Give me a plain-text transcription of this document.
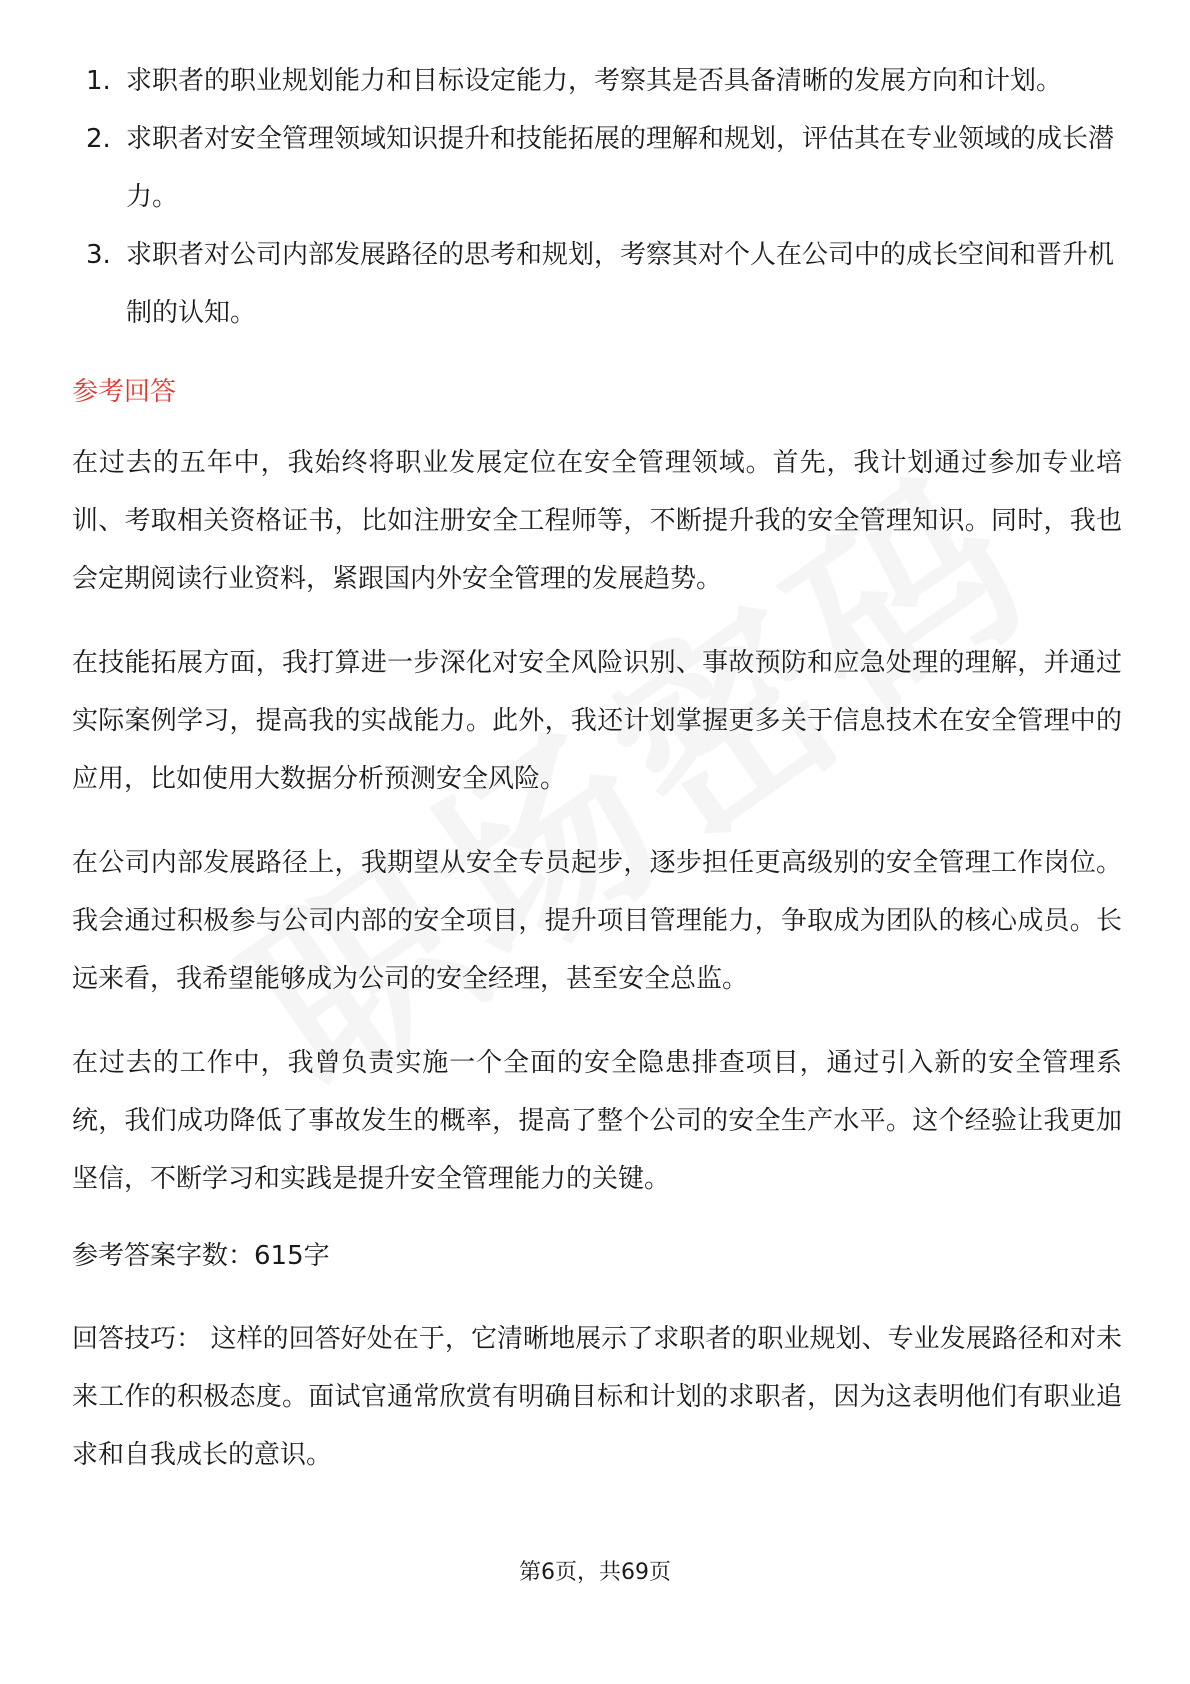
1. 求职者的职业规划能力和目标设定能力，考察其是否具备清晰的发展方向和计划。
2. 求职者对安全管理领域知识提升和技能拓展的理解和规划，评估其在专业领域的成长潜力。
3. 求职者对公司内部发展路径的思考和规划，考察其对个人在公司中的成长空间和晋升机制的认知。
参考回答

在过去的五年中，我始终将职业发展定位在安全管理领域。首先，我计划通过参加专业培训、考取相关资格证书，比如注册安全工程师等，不断提升我的安全管理知识。同时，我也会定期阅读行业资料，紧跟国内外安全管理的发展趋势。

在技能拓展方面，我打算进一步深化对安全风险识别、事故预防和应急处理的理解，并通过实际案例学习，提高我的实战能力。此外，我还计划掌握更多关于信息技术在安全管理中的应用，比如使用大数据分析预测安全风险。

在公司内部发展路径上，我期望从安全专员起步，逐步担任更高级别的安全管理工作岗位。我会通过积极参与公司内部的安全项目，提升项目管理能力，争取成为团队的核心成员。长远来看，我希望能够成为公司的安全经理，甚至安全总监。

在过去的工作中，我曾负责实施一个全面的安全隐患排查项目，通过引入新的安全管理系统，我们成功降低了事故发生的概率，提高了整个公司的安全生产水平。这个经验让我更加坚信，不断学习和实践是提升安全管理能力的关键。

参考答案字数：615字

回答技巧： 这样的回答好处在于，它清晰地展示了求职者的职业规划、专业发展路径和对未来工作的积极态度。面试官通常欣赏有明确目标和计划的求职者，因为这表明他们有职业追求和自我成长的意识。

第6页，共69页
